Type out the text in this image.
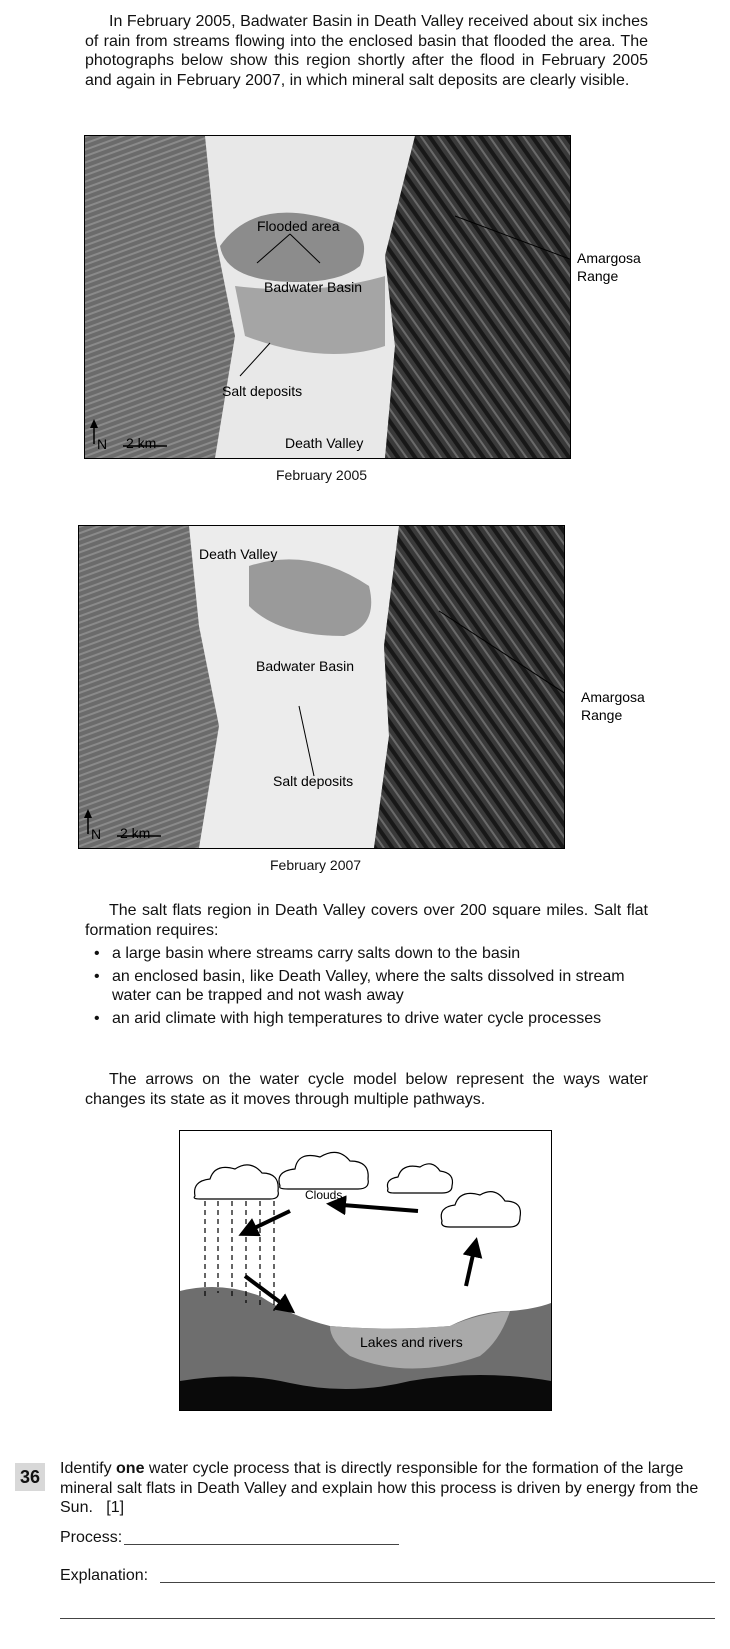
In February 2005, Badwater Basin in Death Valley received about six inches of rain from streams flowing into the enclosed basin that flooded the area. The photographs below show this region shortly after the flood in February 2005 and again in February 2007, in which mineral salt deposits are clearly visible.
Flooded area
Badwater Basin
Amargosa
Range
Salt deposits
Death Valley
N 2 km
February 2005
Death Valley
Badwater Basin
Amargosa
Range
Salt deposits
N 2 km
February 2007
The salt flats region in Death Valley covers over 200 square miles. Salt flat formation requires:
• a large basin where streams carry salts down to the basin
• an enclosed basin, like Death Valley, where the salts dissolved in stream water can be trapped and not wash away
• an arid climate with high temperatures to drive water cycle processes
The arrows on the water cycle model below represent the ways water changes its state as it moves through multiple pathways.
Clouds
Lakes and rivers
36	Identify one water cycle process that is directly responsible for the formation of the large mineral salt flats in Death Valley and explain how this process is driven by energy from the Sun. [1]
Process:
Explanation:
